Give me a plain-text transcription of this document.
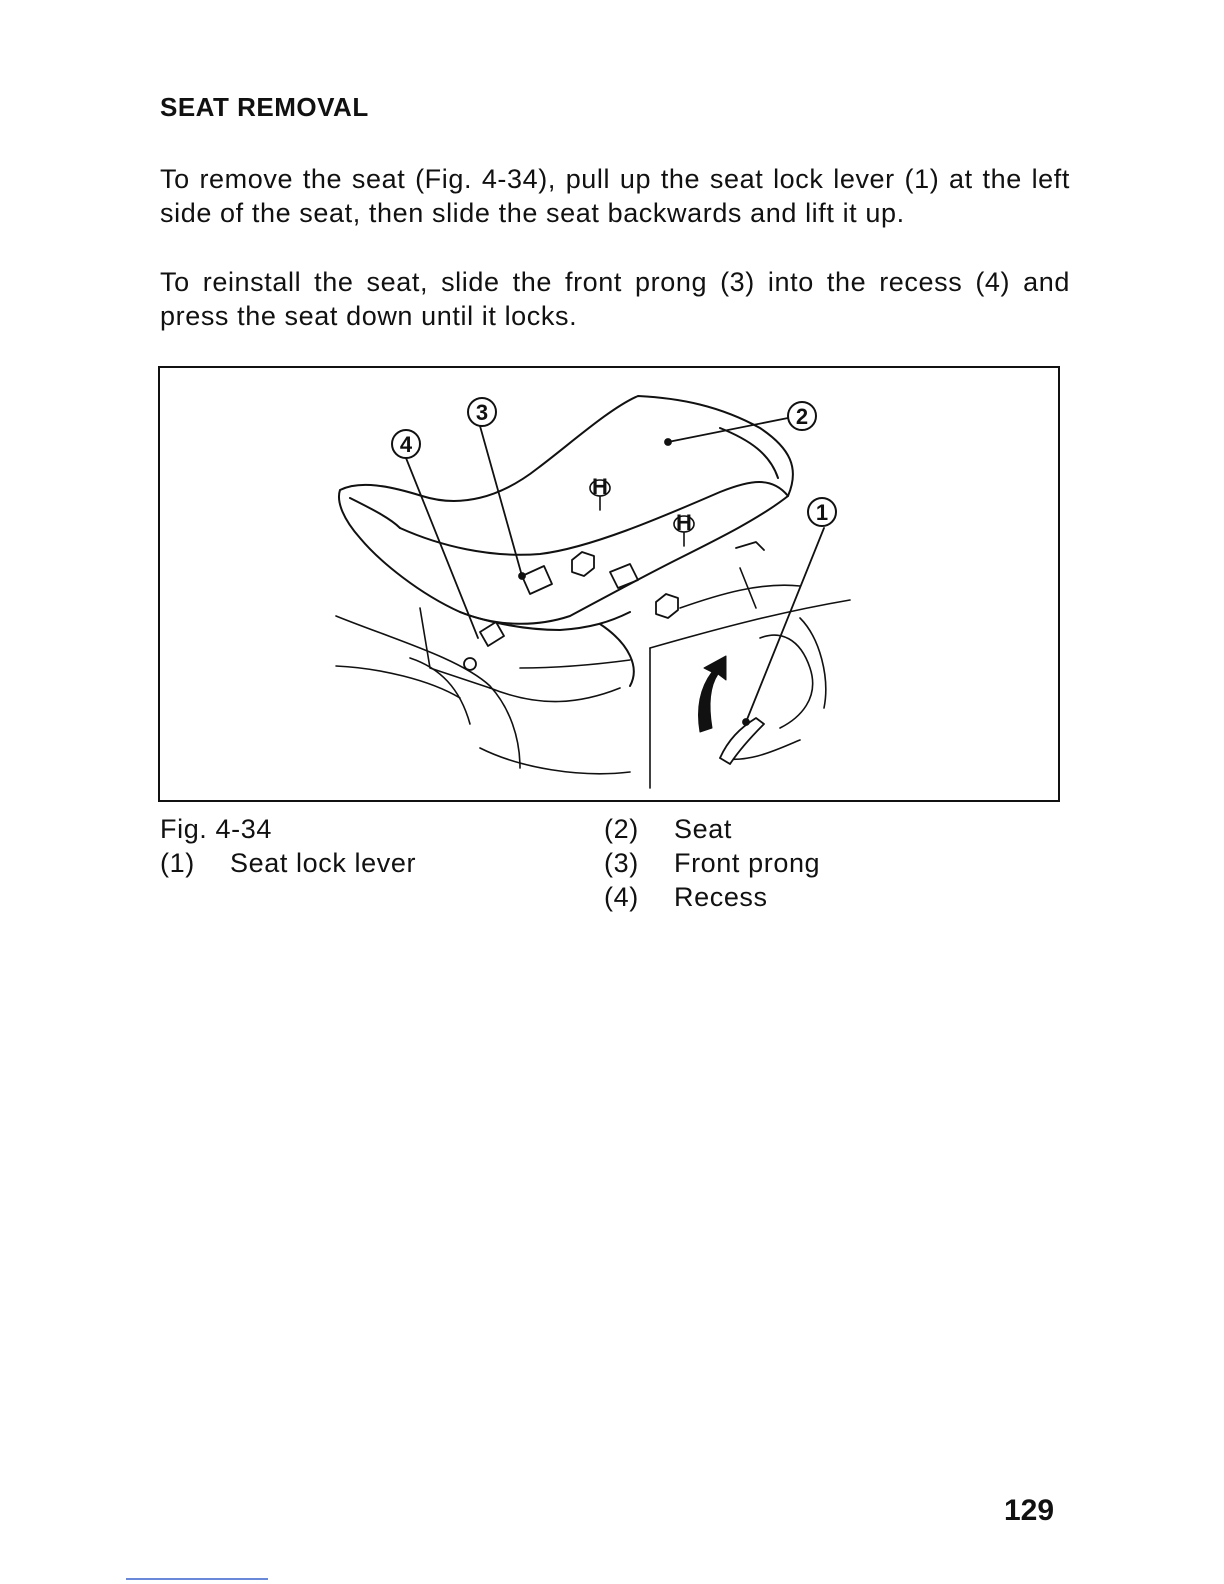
SEAT REMOVAL

To remove the seat (Fig. 4-34), pull up the seat lock lever (1) at the left side of the seat, then slide the seat backwards and lift it up.

To reinstall the seat, slide the front prong (3) into the recess (4) and press the seat down until it locks.

H
H
3
4
2
1

Fig. 4-34

(1) Seat lock lever

(2) Seat

(3) Front prong

(4) Recess

129
